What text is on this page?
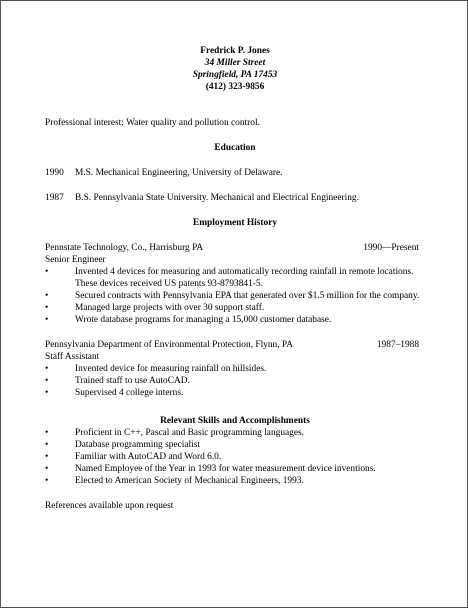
Fredrick P. Jones
34 Miller Street
Springfield, PA 17453
(412) 323-9856
Professional interest: Water quality and pollution control.
Education
1990	M.S. Mechanical Engineering, University of Delaware.
1987	B.S. Pennsylvania State University. Mechanical and Electrical Engineering.
Employment History
Pennstate Technology, Co., Harrisburg PA	1990—Present
Senior Engineer
•	Invented 4 devices for measuring and automatically recording rainfall in remote locations. These devices received US patents 93-8793841-5.
•	Secured contracts with Pennsylvania EPA that generated over $1.5 million for the company.
•	Managed large projects with over 30 support staff.
•	Wrote database programs for managing a 15,000 customer database.
Pennsylvania Department of Environmental Protection, Flynn, PA	1987–1988
Staff Assistant
•	Invented device for measuring rainfall on hillsides.
•	Trained staff to use AutoCAD.
•	Supervised 4 college interns.
Relevant Skills and Accomplishments
•	Proficient in C++, Pascal and Basic programming languages.
•	Database programming specialist
•	Familiar with AutoCAD and Word 6.0.
•	Named Employee of the Year in 1993 for water measurement device inventions.
•	Elected to American Society of Mechanical Engineers, 1993.
References available upon request
